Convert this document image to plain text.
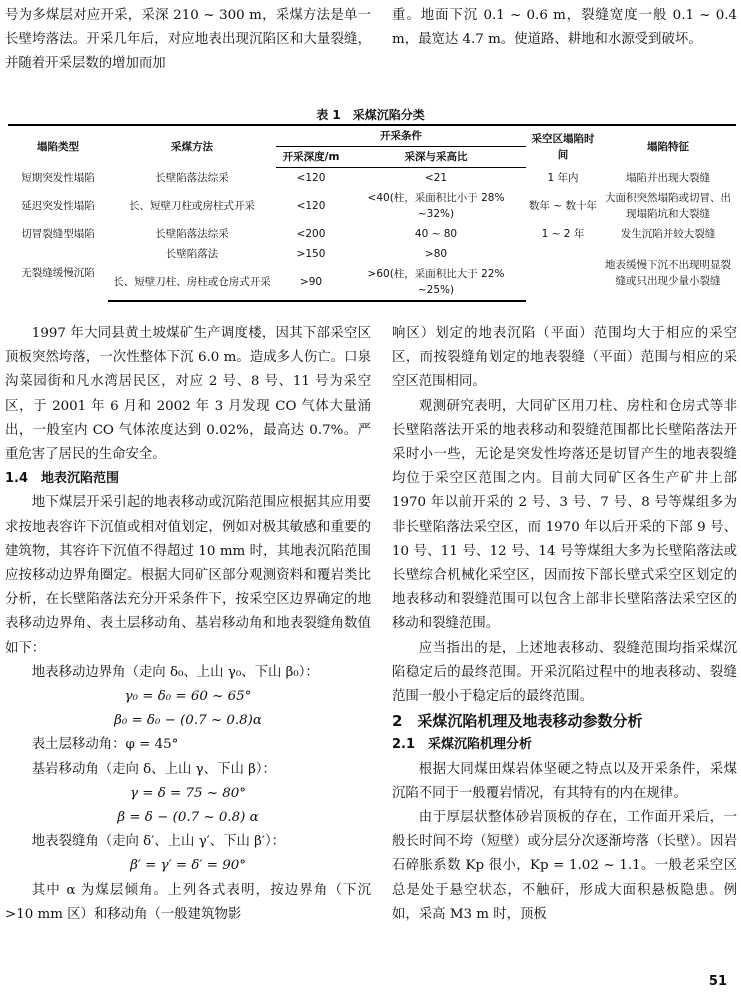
号为多煤层对应开采，采深 210 ~ 300 m，采煤方法是单一长壁垮落法。开采几年后，对应地表出现沉陷区和大量裂缝，并随着开采层数的增加而加

重。地面下沉 0.1 ~ 0.6 m，裂缝宽度一般 0.1 ~ 0.4 m，最宽达 4.7 m。使道路、耕地和水源受到破坏。

表 1　采煤沉陷分类
塌陷类型	采煤方法	开采条件		采空区塌陷时间	塌陷特征
		开采深度/m	采深与采高比		
短期突发性塌陷	长壁陷落法综采	<120	<21	1 年内	塌陷并出现大裂缝
延迟突发性塌陷	长、短壁刀柱或房柱式开采	<120	<40(柱，采面积比小于 28% ~32%)	数年 ~ 数十年	大面积突然塌陷或切冒、出现塌陷坑和大裂缝
切冒裂缝型塌陷	长壁陷落法综采	<200	40 ~ 80	1 ~ 2 年	发生沉陷并较大裂缝
无裂缝缓慢沉陷	长壁陷落法	>150	>80		地表缓慢下沉不出现明显裂缝或只出现少量小裂缝
	长、短壁刀柱、房柱或仓房式开采	>90	>60(柱，采面积比大于 22% ~25%)		

1997 年大同县黄土坡煤矿生产调度楼，因其下部采空区顶板突然垮落，一次性整体下沉 6.0 m。造成多人伤亡。口泉沟菜园街和凡水湾居民区，对应 2 号、8 号、11 号为采空区，于 2001 年 6 月和 2002 年 3 月发现 CO 气体大量涌出，一般室内 CO 气体浓度达到 0.02%，最高达 0.7%。严重危害了居民的生命安全。

1.4　地表沉陷范围

地下煤层开采引起的地表移动或沉陷范围应根据其应用要求按地表容许下沉值或相对值划定，例如对极其敏感和重要的建筑物，其容许下沉值不得超过 10 mm 时，其地表沉陷范围应按移动边界角圈定。根据大同矿区部分观测资料和覆岩类比分析，在长壁陷落法充分开采条件下，按采空区边界确定的地表移动边界角、表土层移动角、基岩移动角和地表裂缝角数值如下：

地表移动边界角（走向 δ₀、上山 γ₀、下山 β₀）：

γ₀ = δ₀ = 60 ~ 65°

β₀ = δ₀ − (0.7 ~ 0.8)α

表土层移动角：φ = 45°

基岩移动角（走向 δ、上山 γ、下山 β）：

γ = δ = 75 ~ 80°

β = δ − (0.7 ~ 0.8) α

地表裂缝角（走向 δ′、上山 γ′、下山 β′）：

β′ = γ′ = δ′ = 90°

其中 α 为煤层倾角。上列各式表明，按边界角（下沉 >10 mm 区）和移动角（一般建筑物影

响区）划定的地表沉陷（平面）范围均大于相应的采空区，而按裂缝角划定的地表裂缝（平面）范围与相应的采空区范围相同。

观测研究表明，大同矿区用刀柱、房柱和仓房式等非长壁陷落法开采的地表移动和裂缝范围都比长壁陷落法开采时小一些，无论是突发性垮落还是切冒产生的地表裂缝均位于采空区范围之内。目前大同矿区各生产矿井上部 1970 年以前开采的 2 号、3 号、7 号、8 号等煤组多为非长壁陷落法采空区，而 1970 年以后开采的下部 9 号、10 号、11 号、12 号、14 号等煤组大多为长壁陷落法或长壁综合机械化采空区，因而按下部长壁式采空区划定的地表移动和裂缝范围可以包含上部非长壁陷落法采空区的移动和裂缝范围。

应当指出的是，上述地表移动、裂缝范围均指采煤沉陷稳定后的最终范围。开采沉陷过程中的地表移动、裂缝范围一般小于稳定后的最终范围。

2　采煤沉陷机理及地表移动参数分析

2.1　采煤沉陷机理分析

根据大同煤田煤岩体坚硬之特点以及开采条件，采煤沉陷不同于一般覆岩情况，有其特有的内在规律。

由于厚层状整体砂岩顶板的存在，工作面开采后，一般长时间不垮（短壁）或分层分次逐渐垮落（长壁）。因岩石碎胀系数 Kp 很小，Kp = 1.02 ~ 1.1。一般老采空区总是处于悬空状态，不触矸，形成大面积悬板隐患。例如，采高 M3 m 时，顶板

51
